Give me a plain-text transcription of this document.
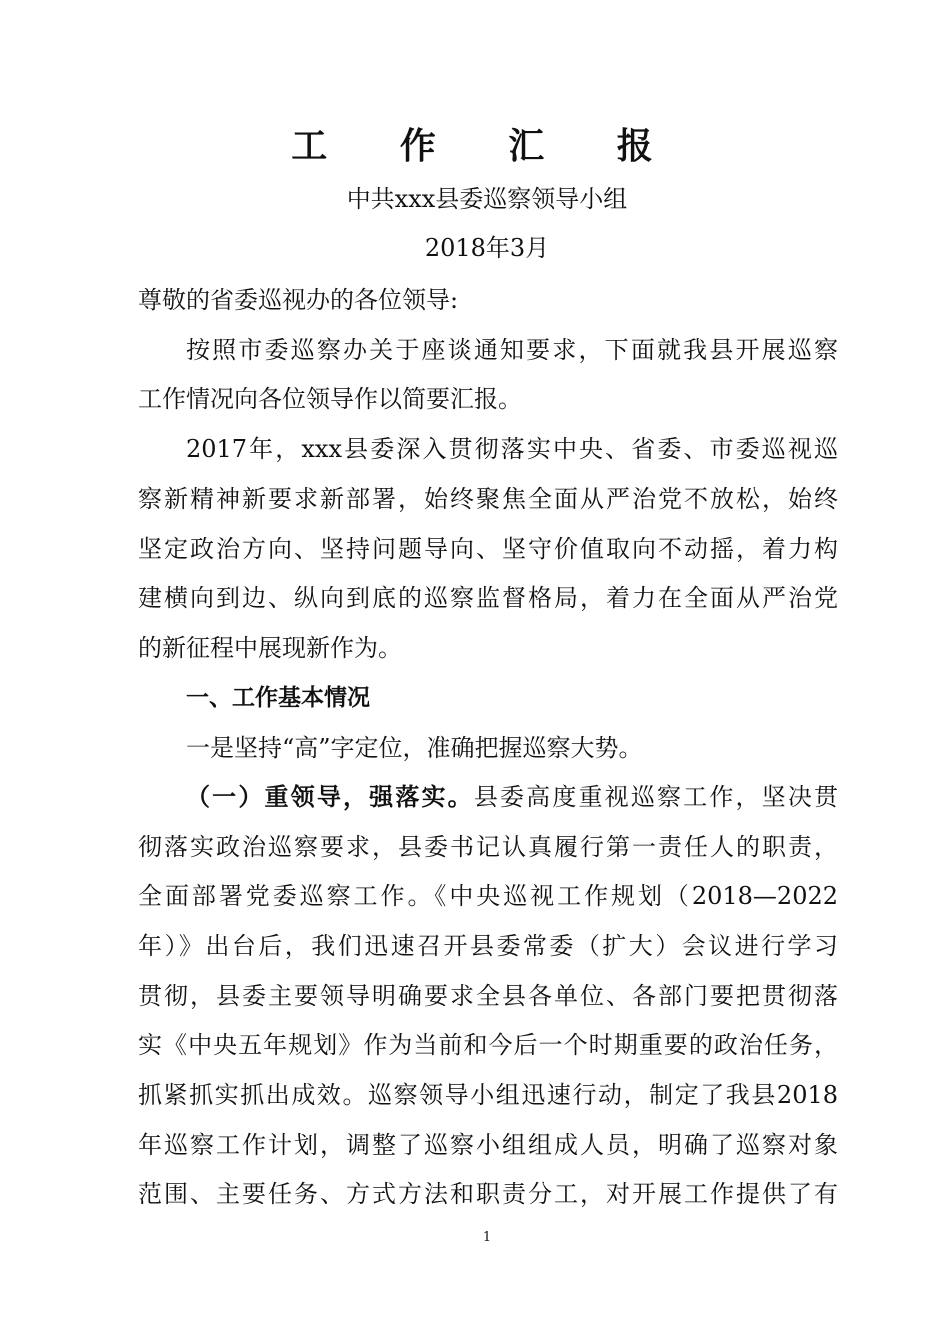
工 作 汇 报
中共xxx县委巡察领导小组
2018年3月
尊敬的省委巡视办的各位领导:
按照市委巡察办关于座谈通知要求，下面就我县开展巡察
工作情况向各位领导作以简要汇报。
2017年，xxx县委深入贯彻落实中央、省委、市委巡视巡
察新精神新要求新部署，始终聚焦全面从严治党不放松，始终
坚定政治方向、坚持问题导向、坚守价值取向不动摇，着力构
建横向到边、纵向到底的巡察监督格局，着力在全面从严治党
的新征程中展现新作为。
一、工作基本情况
一是坚持“高”字定位，准确把握巡察大势。
（一）重领导，强落实。县委高度重视巡察工作，坚决贯
彻落实政治巡察要求，县委书记认真履行第一责任人的职责，
全面部署党委巡察工作。《中央巡视工作规划（2018—2022
年）》出台后，我们迅速召开县委常委（扩大）会议进行学习
贯彻，县委主要领导明确要求全县各单位、各部门要把贯彻落
实《中央五年规划》作为当前和今后一个时期重要的政治任务，
抓紧抓实抓出成效。巡察领导小组迅速行动，制定了我县2018
年巡察工作计划，调整了巡察小组组成人员，明确了巡察对象
范围、主要任务、方式方法和职责分工，对开展工作提供了有
1
